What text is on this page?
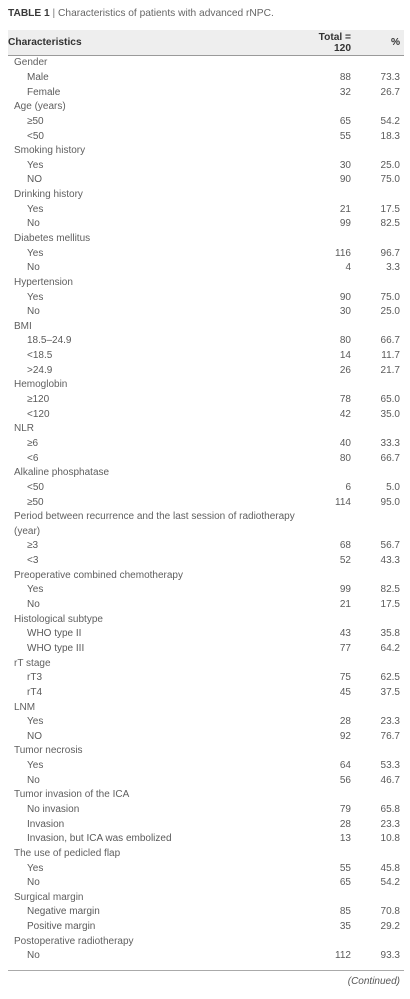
TABLE 1 | Characteristics of patients with advanced rNPC.
Characteristics	Total = 120	%
Gender		
Male	88	73.3
Female	32	26.7
Age (years)		
≥50	65	54.2
<50	55	18.3
Smoking history		
Yes	30	25.0
NO	90	75.0
Drinking history		
Yes	21	17.5
No	99	82.5
Diabetes mellitus		
Yes	116	96.7
No	4	3.3
Hypertension		
Yes	90	75.0
No	30	25.0
BMI		
18.5–24.9	80	66.7
<18.5	14	11.7
>24.9	26	21.7
Hemoglobin		
≥120	78	65.0
<120	42	35.0
NLR		
≥6	40	33.3
<6	80	66.7
Alkaline phosphatase		
<50	6	5.0
≥50	114	95.0
Period between recurrence and the last session of radiotherapy (year)		
≥3	68	56.7
<3	52	43.3
Preoperative combined chemotherapy		
Yes	99	82.5
No	21	17.5
Histological subtype		
WHO type II	43	35.8
WHO type III	77	64.2
rT stage		
rT3	75	62.5
rT4	45	37.5
LNM		
Yes	28	23.3
NO	92	76.7
Tumor necrosis		
Yes	64	53.3
No	56	46.7
Tumor invasion of the ICA		
No invasion	79	65.8
Invasion	28	23.3
Invasion, but ICA was embolized	13	10.8
The use of pedicled flap		
Yes	55	45.8
No	65	54.2
Surgical margin		
Negative margin	85	70.8
Positive margin	35	29.2
Postoperative radiotherapy		
No	112	93.3
(Continued)
